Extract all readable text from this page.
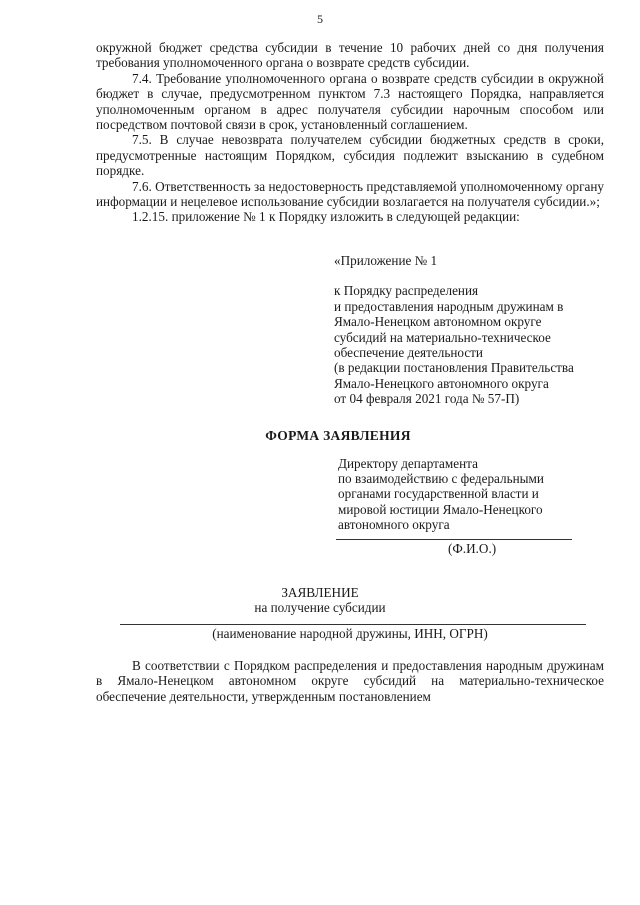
5

окружной бюджет средства субсидии в течение 10 рабочих дней со дня получения требования уполномоченного органа о возврате средств субсидии.

7.4. Требование уполномоченного органа о возврате средств субсидии в окружной бюджет в случае, предусмотренном пунктом 7.3 настоящего Порядка, направляется уполномоченным органом в адрес получателя субсидии нарочным способом или посредством почтовой связи в срок, установленный соглашением.

7.5. В случае невозврата получателем субсидии бюджетных средств в сроки, предусмотренные настоящим Порядком, субсидия подлежит взысканию в судебном порядке.

7.6. Ответственность за недостоверность представляемой уполномоченному органу информации и нецелевое использование субсидии возлагается на получателя субсидии.»;

1.2.15. приложение № 1 к Порядку изложить в следующей редакции:

«Приложение № 1
к Порядку распределения
и предоставления народным дружинам в
Ямало-Ненецком автономном округе
субсидий на материально-техническое
обеспечение деятельности
(в редакции постановления Правительства
Ямало-Ненецкого автономного округа
от 04 февраля 2021 года № 57-П)
ФОРМА ЗАЯВЛЕНИЯ
Директору департамента
по взаимодействию с федеральными
органами государственной власти и
мировой юстиции Ямало-Ненецкого
автономного округа
(Ф.И.О.)
ЗАЯВЛЕНИЕ
на получение субсидии
(наименование народной дружины, ИНН, ОГРН)

В соответствии с Порядком распределения и предоставления народным дружинам в Ямало-Ненецком автономном округе субсидий на материально-техническое обеспечение деятельности, утвержденным постановлением
